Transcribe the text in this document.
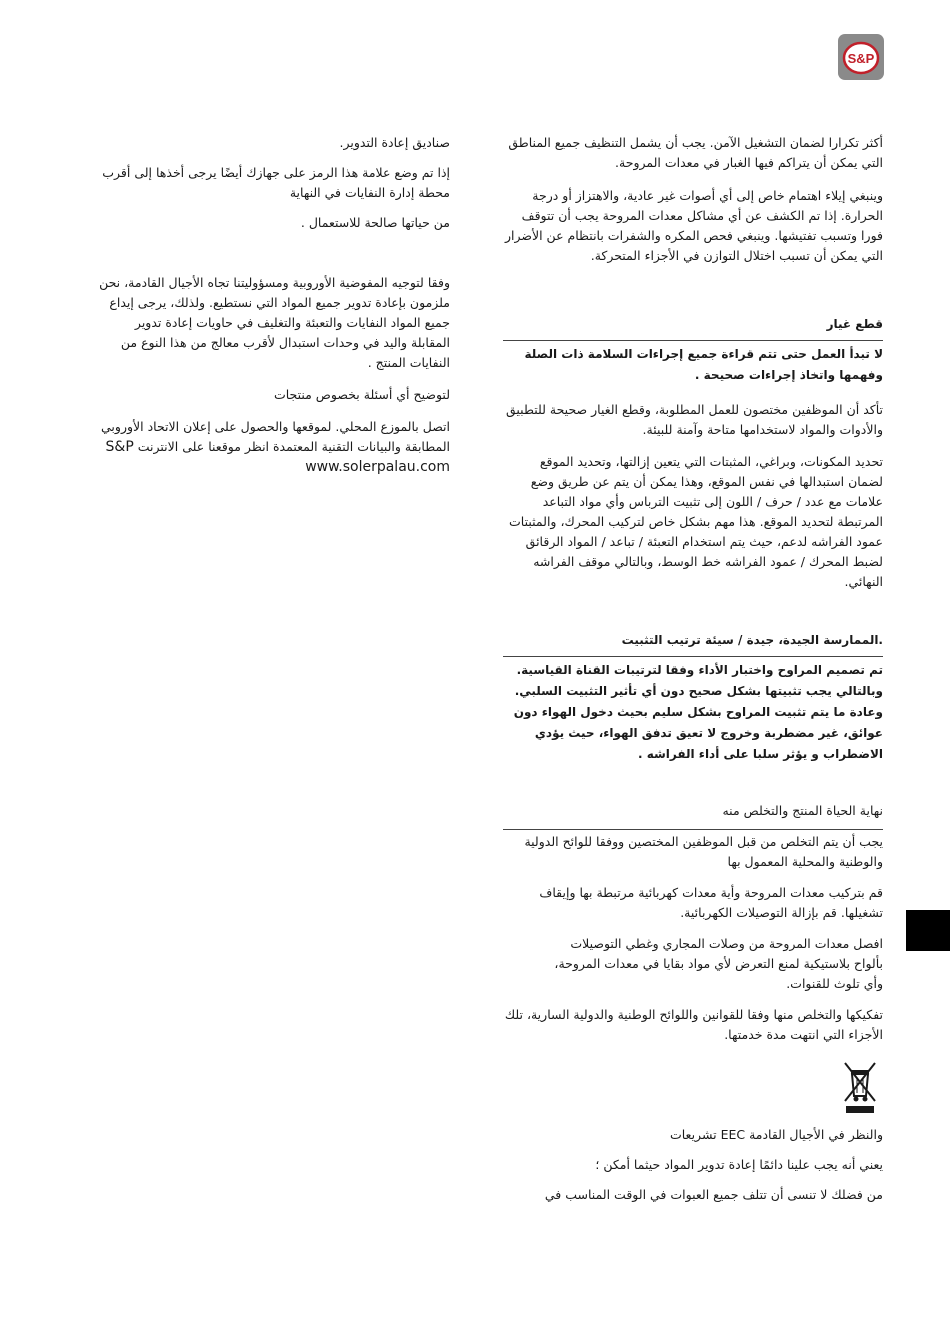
S&P

أكثر تكرارا لضمان التشغيل الآمن. يجب أن يشمل التنظيف جميع المناطق التي يمكن أن يتراكم فيها الغبار في معدات المروحة.

وينبغي إيلاء اهتمام خاص إلى أي أصوات غير عادية، والاهتزاز أو درجة الحرارة. إذا تم الكشف عن أي مشاكل معدات المروحة يجب أن تتوقف فورا وتسبب تفتيشها. وينبغي فحص المكره والشفرات بانتظام عن الأضرار التي يمكن أن تسبب اختلال التوازن في الأجزاء المتحركة.

قطع غيار

لا تبدأ العمل حتى تتم قراءة جميع إجراءات السلامة ذات الصلة وفهمها واتخاذ إجراءات صحيحة .

تأكد أن الموظفين مختصون للعمل المطلوبة، وقطع الغيار صحيحة للتطبيق والأدوات والمواد لاستخدامها متاحة وآمنة للبيئة.

تحديد المكونات، وبراغي، المثبتات التي يتعين إزالتها، وتحديد الموقع لضمان استبدالها في نفس الموقع، وهذا يمكن أن يتم عن طريق وضع علامات مع عدد / حرف / اللون إلى تثبيت الترباس وأي مواد التباعد المرتبطة لتحديد الموقع. هذا مهم بشكل خاص لتركيب المحرك، والمثبتات عمود الفراشه لدعم، حيث يتم استخدام التعبئة / تباعد / المواد الرقائق لضبط المحرك / عمود الفراشه خط الوسط، وبالتالي موقف الفراشه النهائي.

.الممارسة الجيدة، جيدة / سيئة ترتيب التثبيت

تم تصميم المراوح واختبار الأداء وفقا لترتيبات القناة القياسية. وبالتالي يجب تثبيتها بشكل صحيح دون أي تأثير التثبيت السلبي. وعادة ما يتم تثبيت المراوح بشكل سليم بحيث دخول الهواء دون عوائق، غير مضطربة وخروج لا تعيق تدفق الهواء، حيث يؤدي الاضطراب و يؤثر سلبا على أداء الفراشه .

نهاية الحياة المنتج والتخلص منه

يجب أن يتم التخلص من قبل الموظفين المختصين ووفقا للوائح الدولية والوطنية والمحلية المعمول بها

قم بتركيب معدات المروحة وأية معدات كهربائية مرتبطة بها وإيقاف تشغيلها. قم بإزالة التوصيلات الكهربائية.

افصل معدات المروحة من وصلات المجاري وغطي التوصيلات بألواح بلاستيكية لمنع التعرض لأي مواد بقايا في معدات المروحة، وأي تلوث للقنوات.

تفكيكها والتخلص منها وفقا للقوانين واللوائح الوطنية والدولية السارية، تلك الأجزاء التي انتهت مدة خدمتها.

والنظر في الأجيال القادمة EEC تشريعات

يعني أنه يجب علينا دائمًا إعادة تدوير المواد حيثما أمكن ؛

من فضلك لا تنسى أن تتلف جميع العبوات في الوقت المناسب في

صناديق إعادة التدوير.

إذا تم وضع علامة هذا الرمز على جهازك أيضًا يرجى أخذها إلى أقرب محطة إدارة النفايات في النهاية

من حياتها صالحة للاستعمال .

وفقا لتوجيه المفوضية الأوروبية ومسؤوليتنا تجاه الأجيال القادمة، نحن ملزمون بإعادة تدوير جميع المواد التي نستطيع. ولذلك، يرجى إيداع جميع المواد النفايات والتعبئة والتغليف في حاويات إعادة تدوير المقابلة واليد في وحدات استبدال لأقرب معالج من هذا النوع من النفايات المنتج .

لتوضيح أي أسئلة بخصوص منتجات

اتصل بالموزع المحلي. لموقعها والحصول على إعلان الاتحاد الأوروبي المطابقة والبيانات التقنية المعتمدة انظر موقعنا على الانترنت S&P

www.solerpalau.com
